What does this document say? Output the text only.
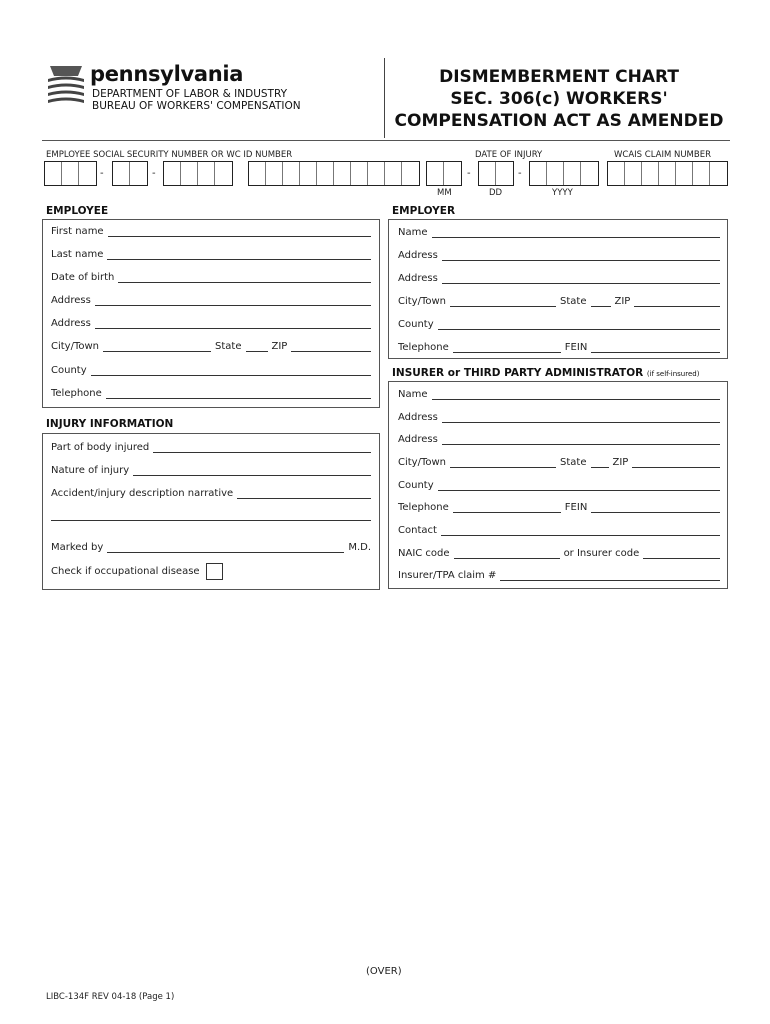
pennsylvania
DEPARTMENT OF LABOR & INDUSTRY
BUREAU OF WORKERS' COMPENSATION
DISMEMBERMENT CHART
SEC. 306(c) WORKERS'
COMPENSATION ACT AS AMENDED
EMPLOYEE SOCIAL SECURITY NUMBER OR WC ID NUMBER	DATE OF INJURY	WCAIS CLAIM NUMBER
-	-	-	-
MM	DD	YYYY
EMPLOYEE
First name
Last name
Date of birth
Address
Address
City/Town	State	ZIP
County
Telephone
INJURY INFORMATION
Part of body injured
Nature of injury
Accident/injury description narrative
Marked by	M.D.
Check if occupational disease
EMPLOYER
Name
Address
Address
City/Town	State	ZIP
County
Telephone	FEIN
INSURER or THIRD PARTY ADMINISTRATOR (if self-insured)
Name
Address
Address
City/Town	State	ZIP
County
Telephone	FEIN
Contact
NAIC code	or Insurer code
Insurer/TPA claim #
(OVER)
LIBC-134F REV 04-18 (Page 1)
